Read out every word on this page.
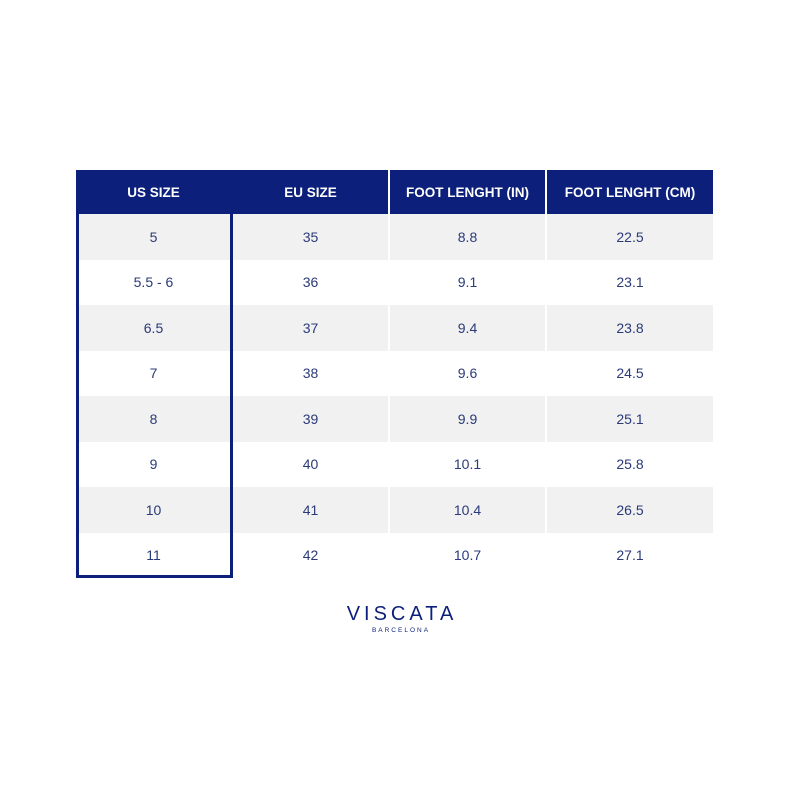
US SIZE	EU SIZE	FOOT LENGHT (IN)	FOOT LENGHT (CM)
5	35	8.8	22.5
5.5 - 6	36	9.1	23.1
6.5	37	9.4	23.8
7	38	9.6	24.5
8	39	9.9	25.1
9	40	10.1	25.8
10	41	10.4	26.5
11	42	10.7	27.1
VISCATA
BARCELONA
